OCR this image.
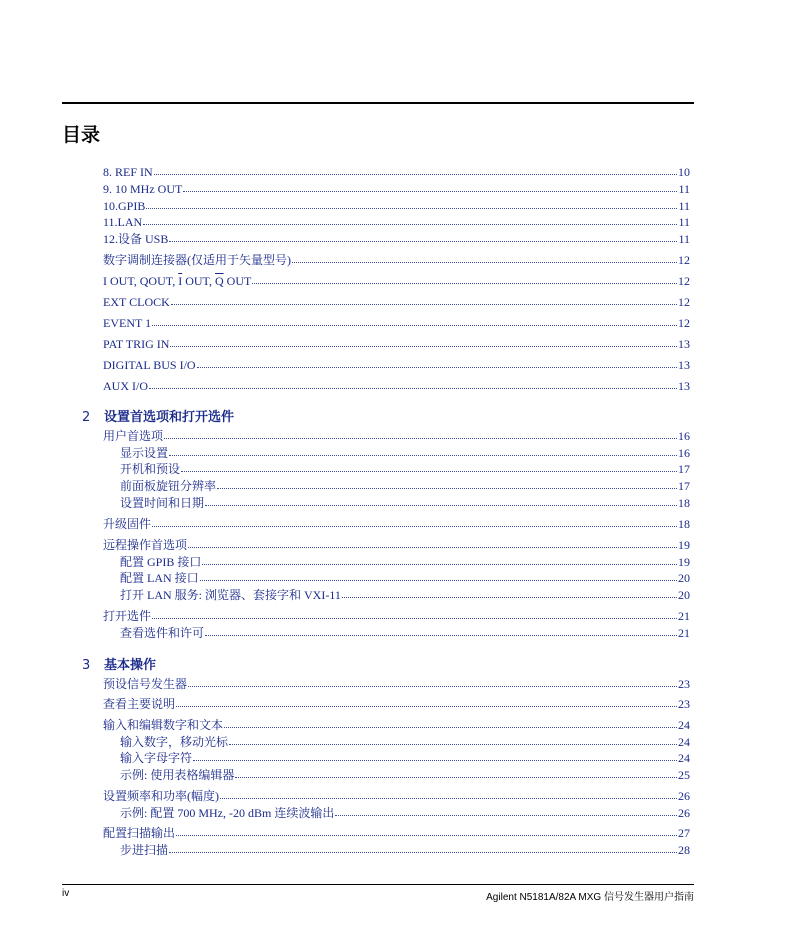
目录
8. REF IN	10
9. 10 MHz OUT	11
10.GPIB	11
11.LAN	11
12.设备 USB	11
数字调制连接器(仅适用于矢量型号)	12
I OUT, QOUT, $\overline{I}$ OUT, $\overline{Q}$ OUT	12
EXT CLOCK	12
EVENT 1	12
PAT TRIG IN	13
DIGITAL BUS I/O	13
AUX I/O	13
2	设置首选项和打开选件
用户首选项	16
显示设置	16
开机和预设	17
前面板旋钮分辨率	17
设置时间和日期	18
升级固件	18
远程操作首选项	19
配置 GPIB 接口	19
配置 LAN 接口	20
打开 LAN 服务: 浏览器、套接字和 VXI-11	20
打开选件	21
查看选件和许可	21
3	基本操作
预设信号发生器	23
查看主要说明	23
输入和编辑数字和文本	24
输入数字，移动光标	24
输入字母字符	24
示例: 使用表格编辑器	25
设置频率和功率(幅度)	26
示例: 配置 700 MHz, -20 dBm 连续波输出	26
配置扫描输出	27
步进扫描	28
iv	Agilent N5181A/82A MXG 信号发生器用户指南
